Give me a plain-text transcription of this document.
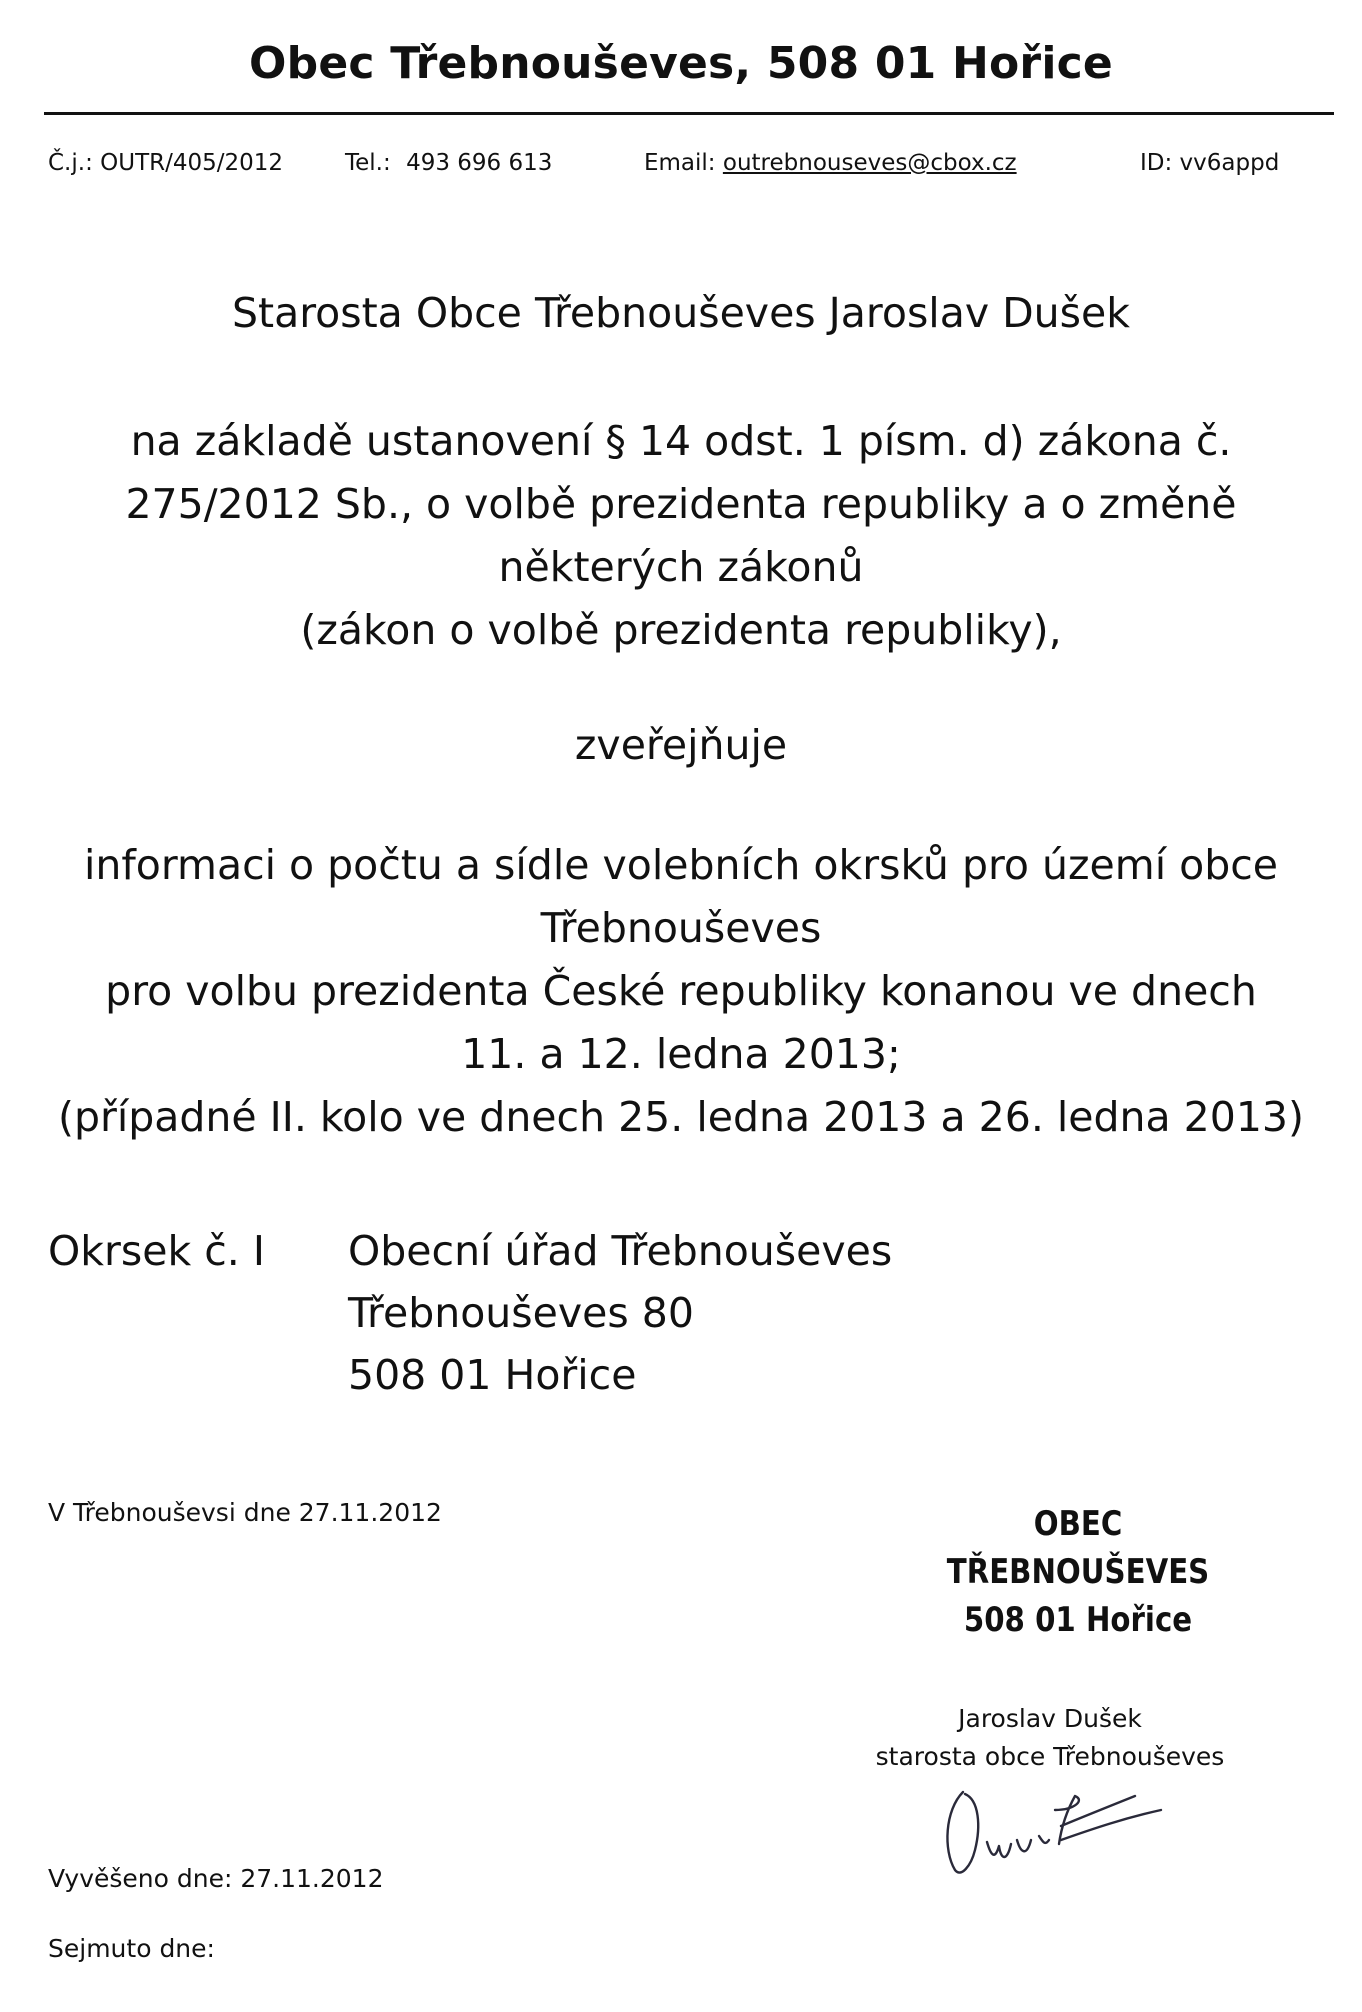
Obec Třebnouševes, 508 01 Hořice
Č.j.: OUTR/405/2012	Tel.: 493 696 613	Email: outrebnouseves@cbox.cz	ID: vv6appd
Starosta Obce Třebnouševes Jaroslav Dušek
na základě ustanovení § 14 odst. 1 písm. d) zákona č.
275/2012 Sb., o volbě prezidenta republiky a o změně
některých zákonů
(zákon o volbě prezidenta republiky),
zveřejňuje
informaci o počtu a sídle volebních okrsků pro území obce
Třebnouševes
pro volbu prezidenta České republiky konanou ve dnech
11. a 12. ledna 2013;
(případné II. kolo ve dnech 25. ledna 2013 a 26. ledna 2013)
Okrsek č. I Obecní úřad Třebnouševes
Třebnouševes 80
508 01 Hořice
V Třebnouševsi dne 27.11.2012	OBEC TŘEBNOUŠEVES
508 01 Hořice
Jaroslav Dušek
starosta obce Třebnouševes
Vyvěšeno dne: 27.11.2012
Sejmuto dne:
